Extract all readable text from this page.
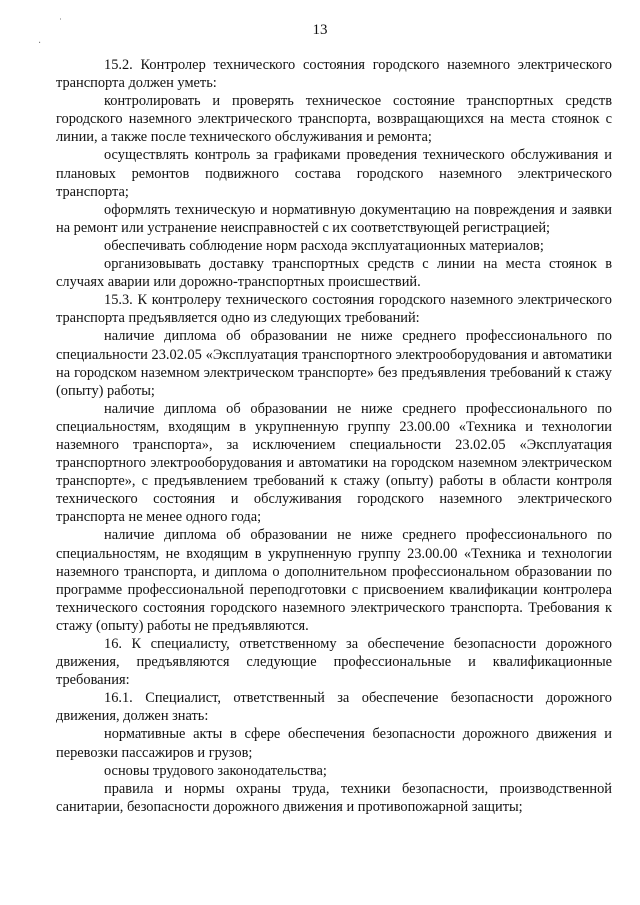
·
˙	13

15.2. Контролер технического состояния городского наземного электрического транспорта должен уметь:

контролировать и проверять техническое состояние транспортных средств городского наземного электрического транспорта, возвращающихся на места стоянок с линии, а также после технического обслуживания и ремонта;

осуществлять контроль за графиками проведения технического обслуживания и плановых ремонтов подвижного состава городского наземного электрического транспорта;

оформлять техническую и нормативную документацию на повреждения и заявки на ремонт или устранение неисправностей с их соответствующей регистрацией;

обеспечивать соблюдение норм расхода эксплуатационных материалов;

организовывать доставку транспортных средств с линии на места стоянок в случаях аварии или дорожно-транспортных происшествий.

15.3. К контролеру технического состояния городского наземного электрического транспорта предъявляется одно из следующих требований:

наличие диплома об образовании не ниже среднего профессионального по специальности 23.02.05 «Эксплуатация транспортного электрооборудования и автоматики на городском наземном электрическом транспорте» без предъявления требований к стажу (опыту) работы;

наличие диплома об образовании не ниже среднего профессионального по специальностям, входящим в укрупненную группу 23.00.00 «Техника и технологии наземного транспорта», за исключением специальности 23.02.05 «Эксплуатация транспортного электрооборудования и автоматики на городском наземном электрическом транспорте», с предъявлением требований к стажу (опыту) работы в области контроля технического состояния и обслуживания городского наземного электрического транспорта не менее одного года;

наличие диплома об образовании не ниже среднего профессионального по специальностям, не входящим в укрупненную группу 23.00.00 «Техника и технологии наземного транспорта, и диплома о дополнительном профессиональном образовании по программе профессиональной переподготовки с присвоением квалификации контролера технического состояния городского наземного электрического транспорта. Требования к стажу (опыту) работы не предъявляются.

16. К специалисту, ответственному за обеспечение безопасности дорожного движения, предъявляются следующие профессиональные и квалификационные требования:

16.1. Специалист, ответственный за обеспечение безопасности дорожного движения, должен знать:

нормативные акты в сфере обеспечения безопасности дорожного движения и перевозки пассажиров и грузов;

основы трудового законодательства;

правила и нормы охраны труда, техники безопасности, производственной санитарии, безопасности дорожного движения и противопожарной защиты;
